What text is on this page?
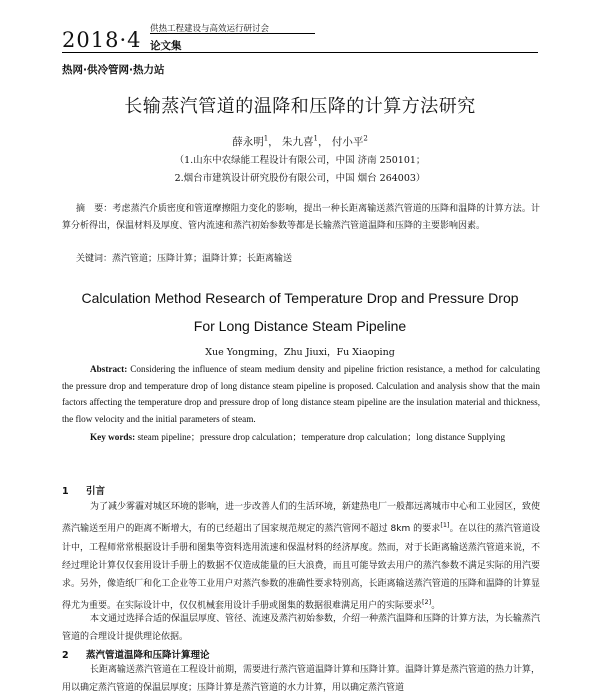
2018·4 供热工程建设与高效运行研讨会
论文集
热网·供冷管网·热力站
长输蒸汽管道的温降和压降的计算方法研究
薛永明$^1$， 朱九喜$^1$， 付小平$^2$
（1.山东中农绿能工程设计有限公司，中国 济南 250101；
2.烟台市建筑设计研究股份有限公司，中国 烟台 264003）
摘　要：考虑蒸汽介质密度和管道摩擦阻力变化的影响，提出一种长距离输送蒸汽管道的压降和温降的计算方法。计算分析得出，保温材料及厚度、管内流速和蒸汽初始参数等都是长输蒸汽管道温降和压降的主要影响因素。
关键词：蒸汽管道；压降计算；温降计算；长距离输送
Calculation Method Research of Temperature Drop and Pressure Drop
For Long Distance Steam Pipeline
Xue Yongming，Zhu Jiuxi，Fu Xiaoping
Abstract: Considering the influence of steam medium density and pipeline friction resistance, a method for calculating the pressure drop and temperature drop of long distance steam pipeline is proposed. Calculation and analysis show that the main factors affecting the temperature drop and pressure drop of long distance steam pipeline are the insulation material and thickness, the flow velocity and the initial parameters of steam.
Key words: steam pipeline；pressure drop calculation；temperature drop calculation；long distance Supplying
1 引言
为了减少雾霾对城区环境的影响，进一步改善人们的生活环境，新建热电厂一般都远离城市中心和工业园区，致使蒸汽输送至用户的距离不断增大，有的已经超出了国家规范规定的蒸汽管网不超过 8km 的要求[1]。在以往的蒸汽管道设计中，工程师常常根据设计手册和图集等资料选用流速和保温材料的经济厚度。然而，对于长距离输送蒸汽管道来说，不经过理论计算仅仅套用设计手册上的数据不仅造成能量的巨大浪费，而且可能导致去用户的蒸汽参数不满足实际的用汽要求。另外，像造纸厂和化工企业等工业用户对蒸汽参数的准确性要求特别高，长距离输送蒸汽管道的压降和温降的计算显得尤为重要。在实际设计中，仅仅机械套用设计手册或图集的数据很难满足用户的实际要求[2]。
本文通过选择合适的保温层厚度、管径、流速及蒸汽初始参数，介绍一种蒸汽温降和压降的计算方法，为长输蒸汽管道的合理设计提供理论依据。
2 蒸汽管道温降和压降计算理论
长距离输送蒸汽管道在工程设计前期，需要进行蒸汽管道温降计算和压降计算。温降计算是蒸汽管道的热力计算，用以确定蒸汽管道的保温层厚度；压降计算是蒸汽管道的水力计算，用以确定蒸汽管道
